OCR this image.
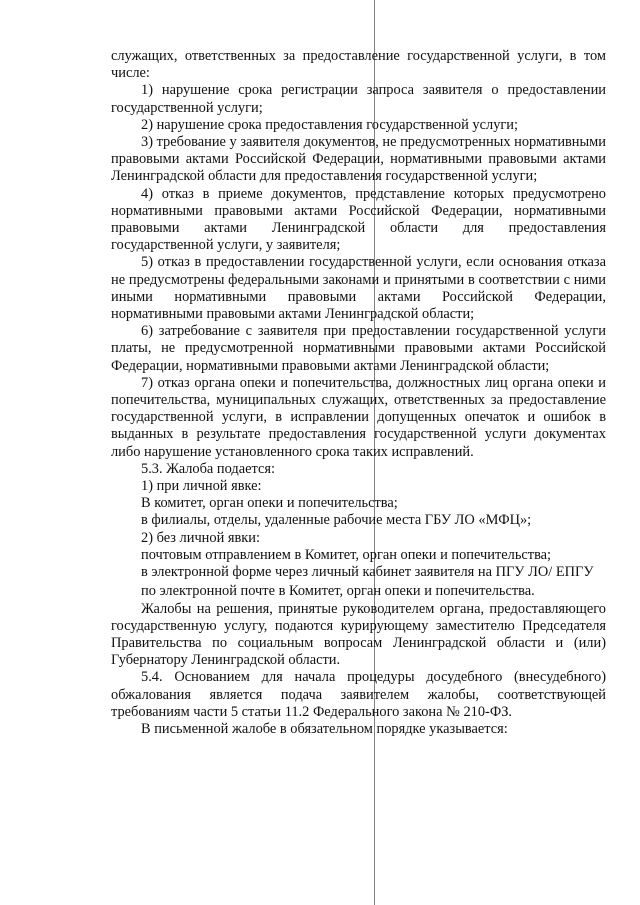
служащих, ответственных за предоставление государственной услуги, в том числе:

1) нарушение срока регистрации запроса заявителя о предоставлении государственной услуги;

2) нарушение срока предоставления государственной услуги;

3) требование у заявителя документов, не предусмотренных нормативными правовыми актами Российской Федерации, нормативными правовыми актами Ленинградской области для предоставления государственной услуги;

4) отказ в приеме документов, представление которых предусмотрено нормативными правовыми актами Российской Федерации, нормативными правовыми актами Ленинградской области для предоставления государственной услуги, у заявителя;

5) отказ в предоставлении государственной услуги, если основания отказа не предусмотрены федеральными законами и принятыми в соответствии с ними иными нормативными правовыми актами Российской Федерации, нормативными правовыми актами Ленинградской области;

6) затребование с заявителя при предоставлении государственной услуги платы, не предусмотренной нормативными правовыми актами Российской Федерации, нормативными правовыми актами Ленинградской области;

7) отказ органа опеки и попечительства, должностных лиц органа опеки и попечительства, муниципальных служащих, ответственных за предоставление государственной услуги, в исправлении допущенных опечаток и ошибок в выданных в результате предоставления государственной услуги документах либо нарушение установленного срока таких исправлений.

5.3. Жалоба подается:

1) при личной явке:

В комитет, орган опеки и попечительства;

в филиалы, отделы, удаленные рабочие места ГБУ ЛО «МФЦ»;

2) без личной явки:

почтовым отправлением в Комитет, орган опеки и попечительства;

в электронной форме через личный кабинет заявителя на ПГУ ЛО/ ЕПГУ

по электронной почте в Комитет, орган опеки и попечительства.

Жалобы на решения, принятые руководителем органа, предоставляющего государственную услугу, подаются курирующему заместителю Председателя Правительства по социальным вопросам Ленинградской области и (или) Губернатору Ленинградской области.

5.4. Основанием для начала процедуры досудебного (внесудебного) обжалования является подача заявителем жалобы, соответствующей требованиям части 5 статьи 11.2 Федерального закона № 210-ФЗ.

В письменной жалобе в обязательном порядке указывается:
